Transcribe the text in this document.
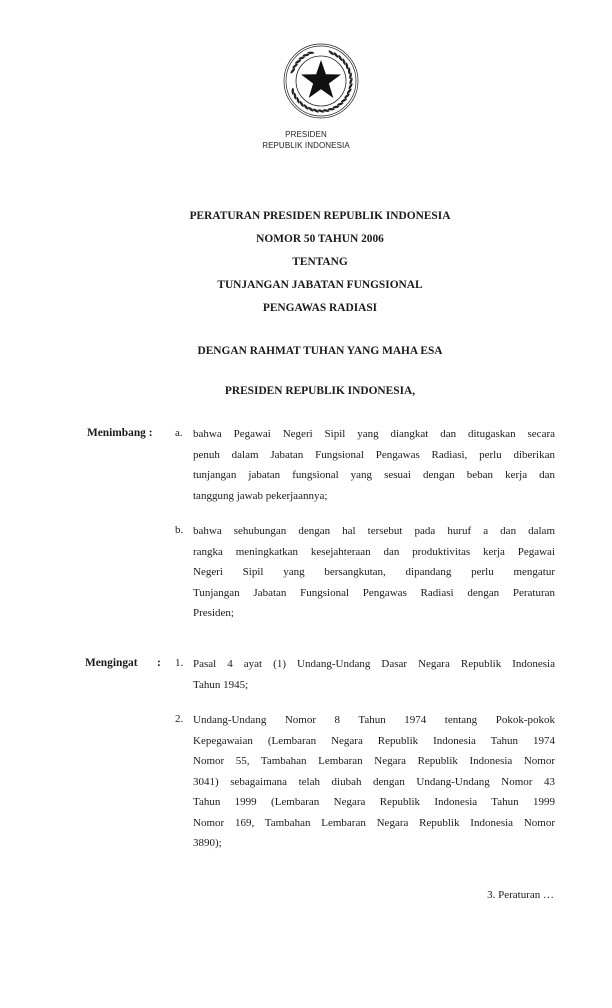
PRESIDEN
REPUBLIK INDONESIA
PERATURAN PRESIDEN REPUBLIK INDONESIA
NOMOR 50 TAHUN 2006
TENTANG
TUNJANGAN JABATAN FUNGSIONAL
PENGAWAS RADIASI
DENGAN RAHMAT TUHAN YANG MAHA ESA
PRESIDEN REPUBLIK INDONESIA,
Menimbang : a. bahwa Pegawai Negeri Sipil yang diangkat dan ditugaskan secara
penuh dalam Jabatan Fungsional Pengawas Radiasi, perlu diberikan
tunjangan jabatan fungsional yang sesuai dengan beban kerja dan
tanggung jawab pekerjaannya;
b. bahwa sehubungan dengan hal tersebut pada huruf a dan dalam
rangka meningkatkan kesejahteraan dan produktivitas kerja Pegawai
Negeri Sipil yang bersangkutan, dipandang perlu mengatur
Tunjangan Jabatan Fungsional Pengawas Radiasi dengan Peraturan
Presiden;
Mengingat : 1. Pasal 4 ayat (1) Undang-Undang Dasar Negara Republik Indonesia
Tahun 1945;
2. Undang-Undang Nomor 8 Tahun 1974 tentang Pokok-pokok
Kepegawaian (Lembaran Negara Republik Indonesia Tahun 1974
Nomor 55, Tambahan Lembaran Negara Republik Indonesia Nomor
3041) sebagaimana telah diubah dengan Undang-Undang Nomor 43
Tahun 1999 (Lembaran Negara Republik Indonesia Tahun 1999
Nomor 169, Tambahan Lembaran Negara Republik Indonesia Nomor
3890);
3. Peraturan …
